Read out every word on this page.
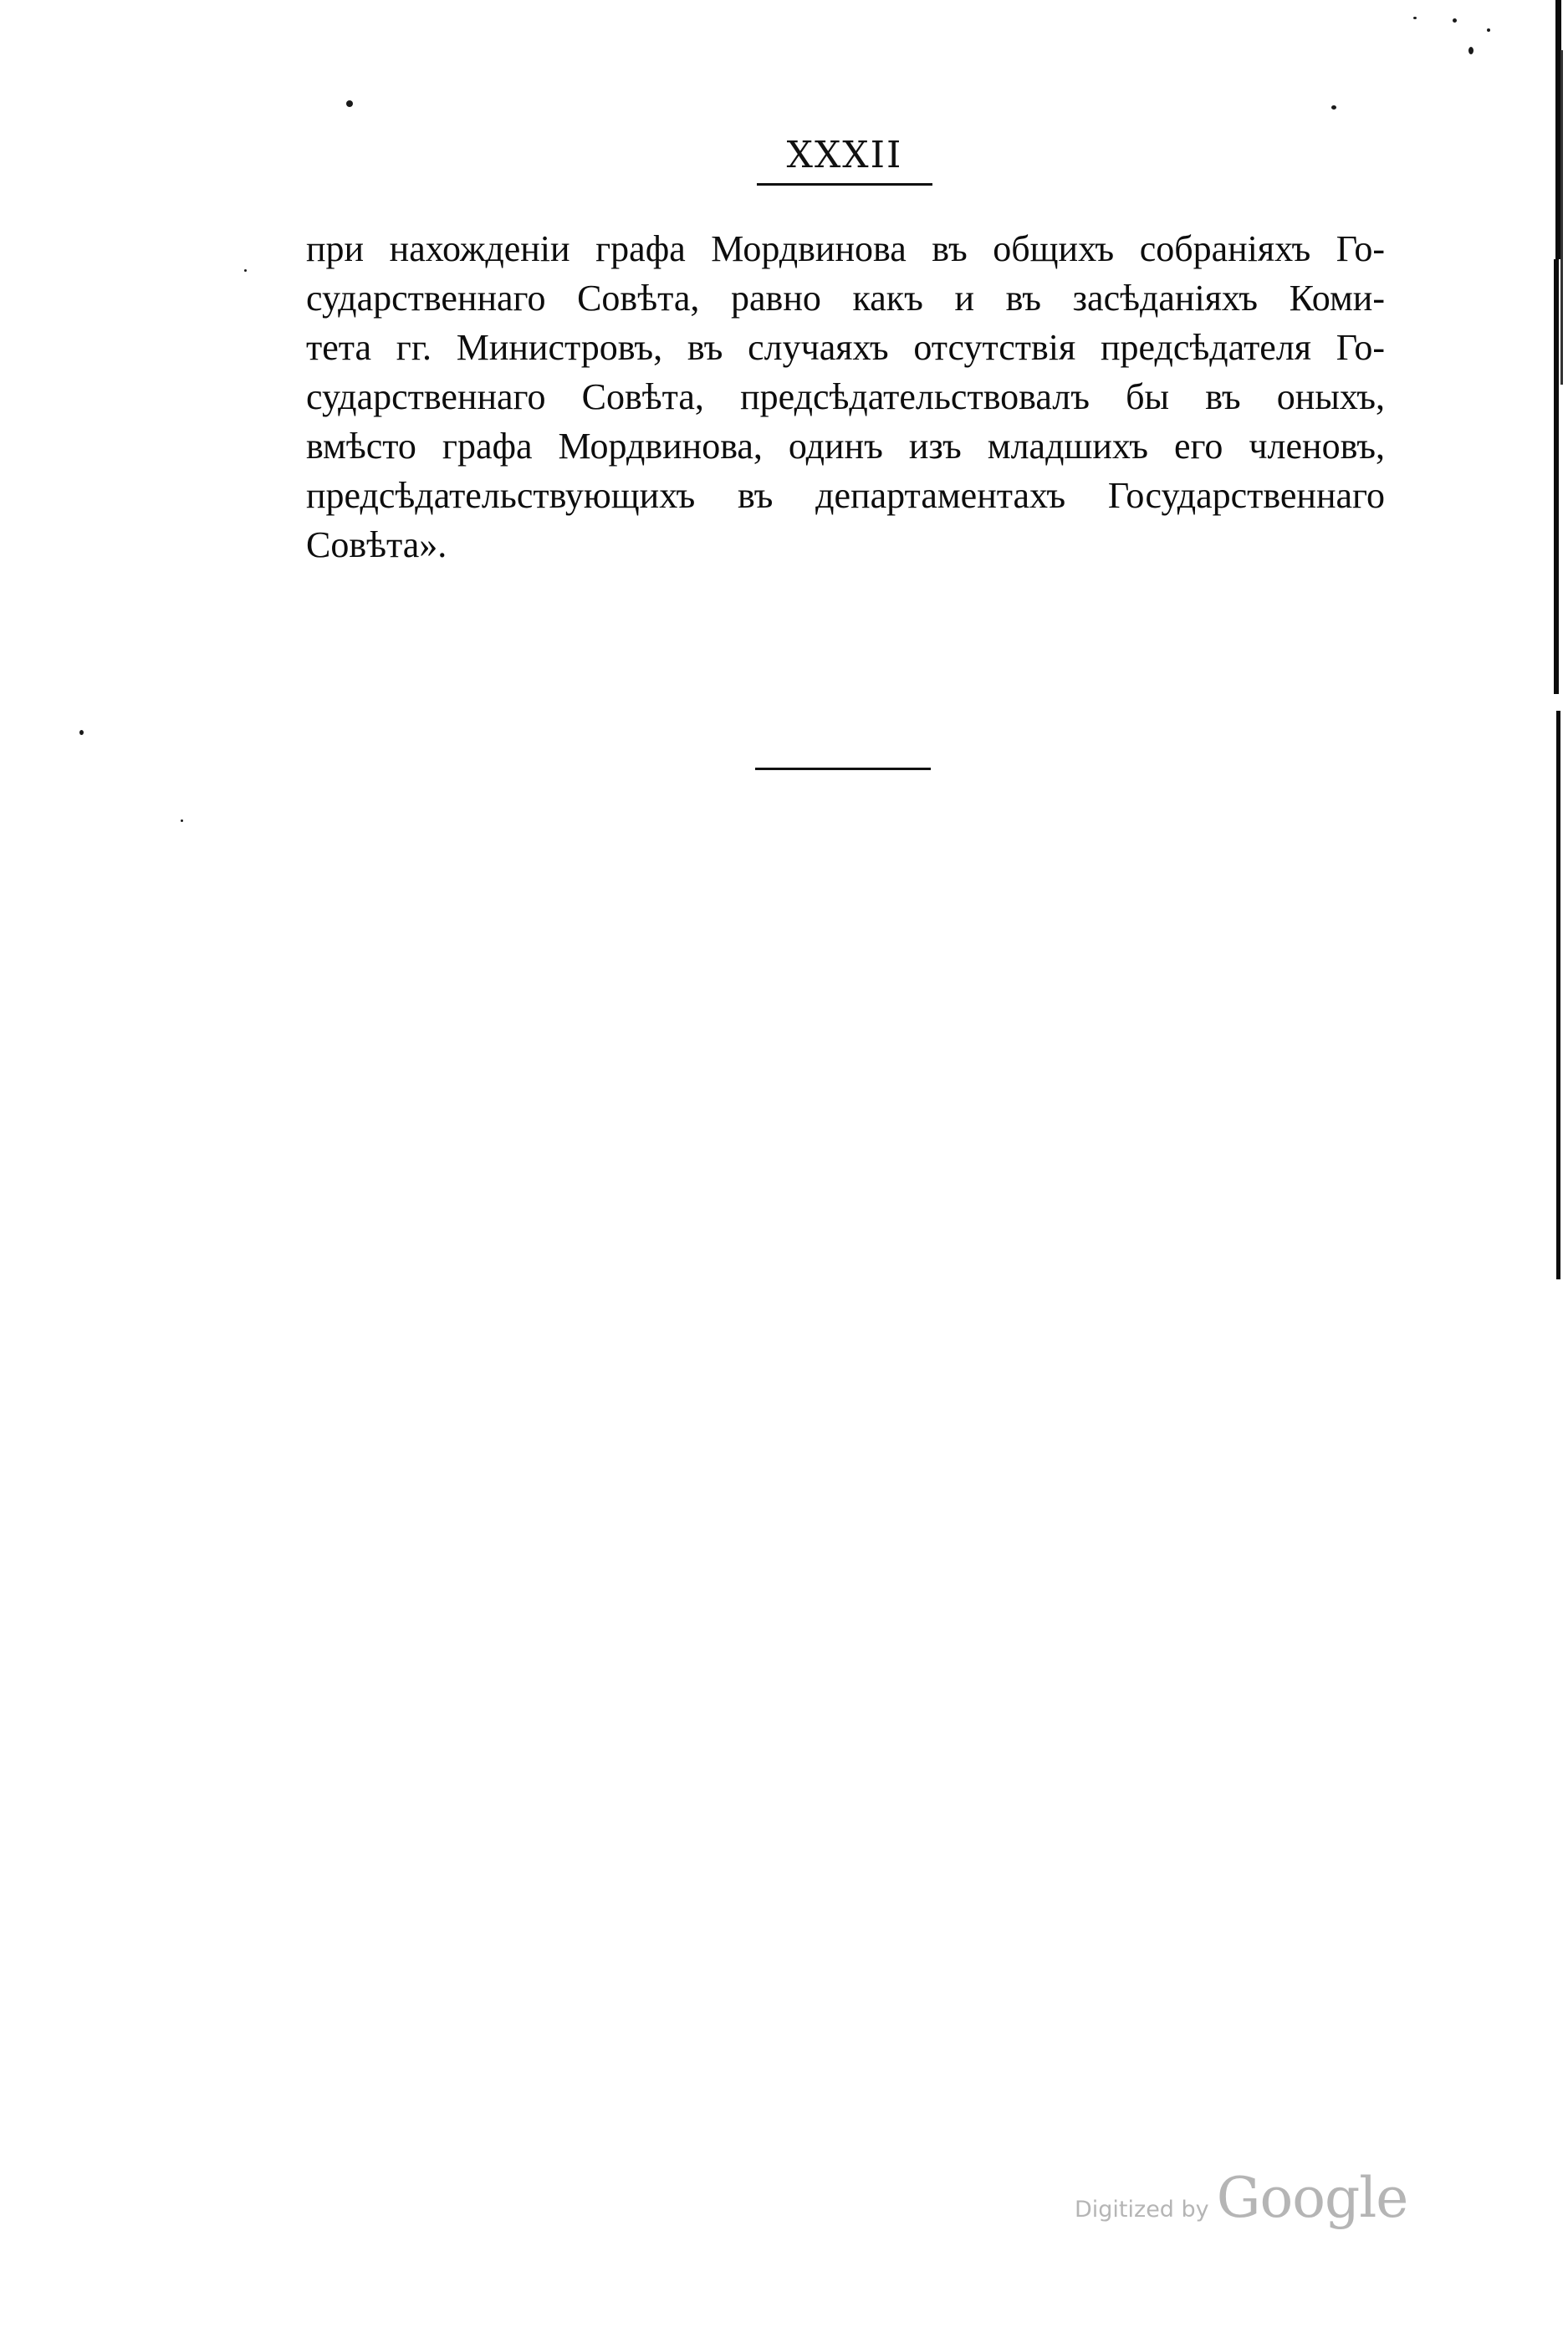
XXXII
при нахожденiи графа Мордвинова въ общихъ собранiяхъ Го-
сударственнаго Совѣта, равно какъ и въ засѣданiяхъ Коми-
тета гг. Министровъ, въ случаяхъ отсутствiя предсѣдателя Го-
сударственнаго Совѣта, предсѣдательствовалъ бы въ оныхъ,
вмѣсто графа Мордвинова, одинъ изъ младшихъ его членовъ,
предсѣдательствующихъ въ департаментахъ Государственнаго
Совѣта».
Digitized by Google
